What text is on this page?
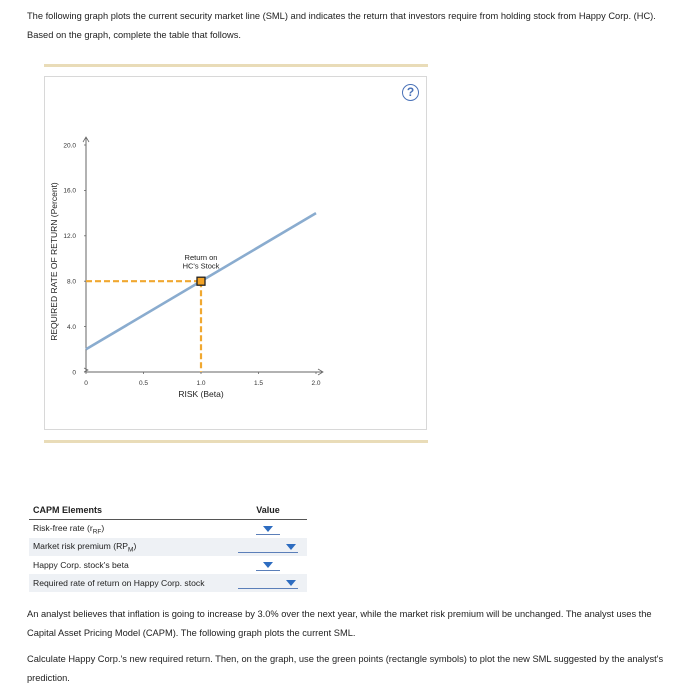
The following graph plots the current security market line (SML) and indicates the return that investors require from holding stock from Happy Corp. (HC). Based on the graph, complete the table that follows.
?
0
4.0
8.0
12.0
16.0
20.0
0	0.5	1.0	1.5	2.0
RISK (Beta)
REQUIRED RATE OF RETURN (Percent)	Return on
HC's Stock
CAPM Elements	Value
Risk-free rate $(r_{RF})$	

Market risk premium $(RP_M)$	

Happy Corp. stock's beta	

Required rate of return on Happy Corp. stock	
An analyst believes that inflation is going to increase by 3.0% over the next year, while the market risk premium will be unchanged. The analyst uses the Capital Asset Pricing Model (CAPM). The following graph plots the current SML.
Calculate Happy Corp.'s new required return. Then, on the graph, use the green points (rectangle symbols) to plot the new SML suggested by the analyst's prediction.
